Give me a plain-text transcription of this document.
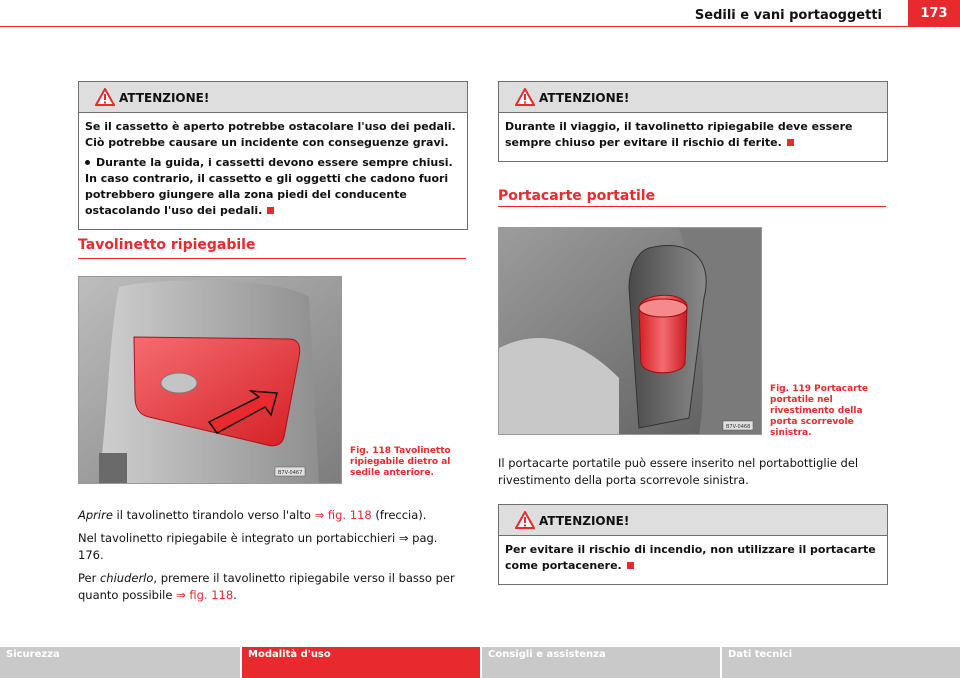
Sedili e vani portaoggetti	173
ATTENZIONE!

Se il cassetto è aperto potrebbe ostacolare l'uso dei pedali. Ciò potrebbe causare un incidente con conseguenze gravi.

Durante la guida, i cassetti devono essere sempre chiusi. In caso contrario, il cassetto e gli oggetti che cadono fuori potrebbero giungere alla zona piedi del conducente ostacolando l'uso dei pedali.

ATTENZIONE!

Durante il viaggio, il tavolinetto ripiegabile deve essere sempre chiuso per evitare il rischio di ferite.

Tavolinetto ripiegabile
Portacarte portatile
B7V-0467
Fig. 118 Tavolinetto ripiegabile dietro al sedile anteriore.
B7V-0468
Fig. 119 Portacarte portatile nel rivestimento della porta scorrevole sinistra.

Aprire il tavolinetto tirandolo verso l'alto ⇒ fig. 118 (freccia).

Nel tavolinetto ripiegabile è integrato un portabicchieri ⇒ pag. 176.

Per chiuderlo, premere il tavolinetto ripiegabile verso il basso per quanto possibile ⇒ fig. 118.

Il portacarte portatile può essere inserito nel portabottiglie del rivestimento della porta scorrevole sinistra.

ATTENZIONE!

Per evitare il rischio di incendio, non utilizzare il portacarte come portacenere.

Sicurezza	Modalità d'uso	Consigli e assistenza	Dati tecnici
